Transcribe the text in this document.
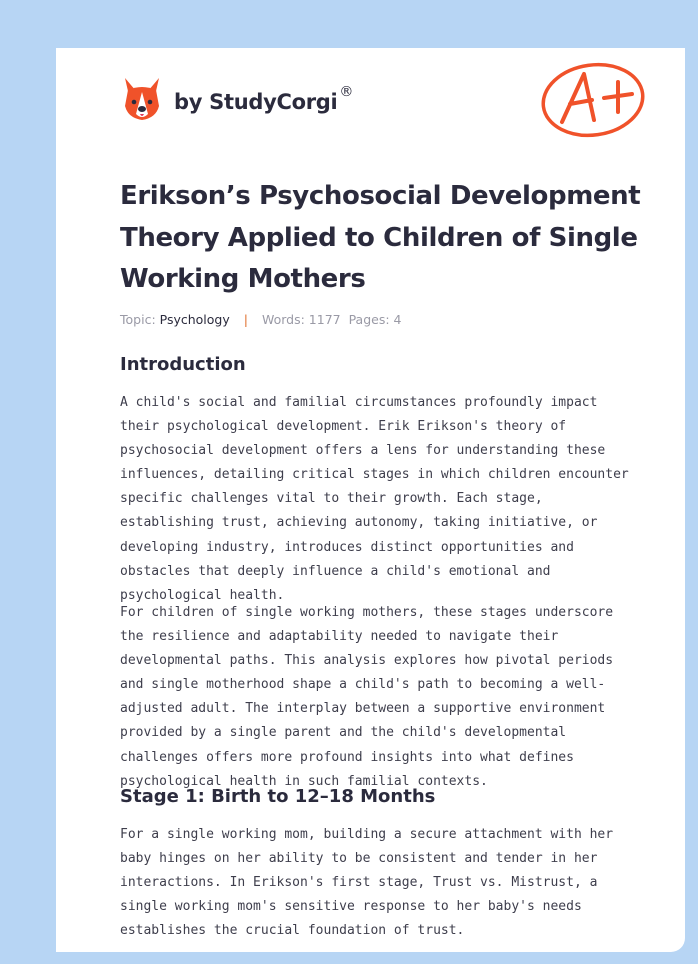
by StudyCorgi ®
Erikson’s Psychosocial Development Theory Applied to Children of Single Working Mothers
Topic: Psychology | Words: 1177 Pages: 4
Introduction

A child's social and familial circumstances profoundly impact their psychological development. Erik Erikson's theory of psychosocial development offers a lens for understanding these influences, detailing critical stages in which children encounter specific challenges vital to their growth. Each stage, establishing trust, achieving autonomy, taking initiative, or developing industry, introduces distinct opportunities and obstacles that deeply influence a child's emotional and psychological health.

For children of single working mothers, these stages underscore the resilience and adaptability needed to navigate their developmental paths. This analysis explores how pivotal periods and single motherhood shape a child's path to becoming a well-adjusted adult. The interplay between a supportive environment provided by a single parent and the child's developmental challenges offers more profound insights into what defines psychological health in such familial contexts.

Stage 1: Birth to 12–18 Months

For a single working mom, building a secure attachment with her baby hinges on her ability to be consistent and tender in her interactions. In Erikson's first stage, Trust vs. Mistrust, a single working mom's sensitive response to her baby's needs establishes the crucial foundation of trust.
